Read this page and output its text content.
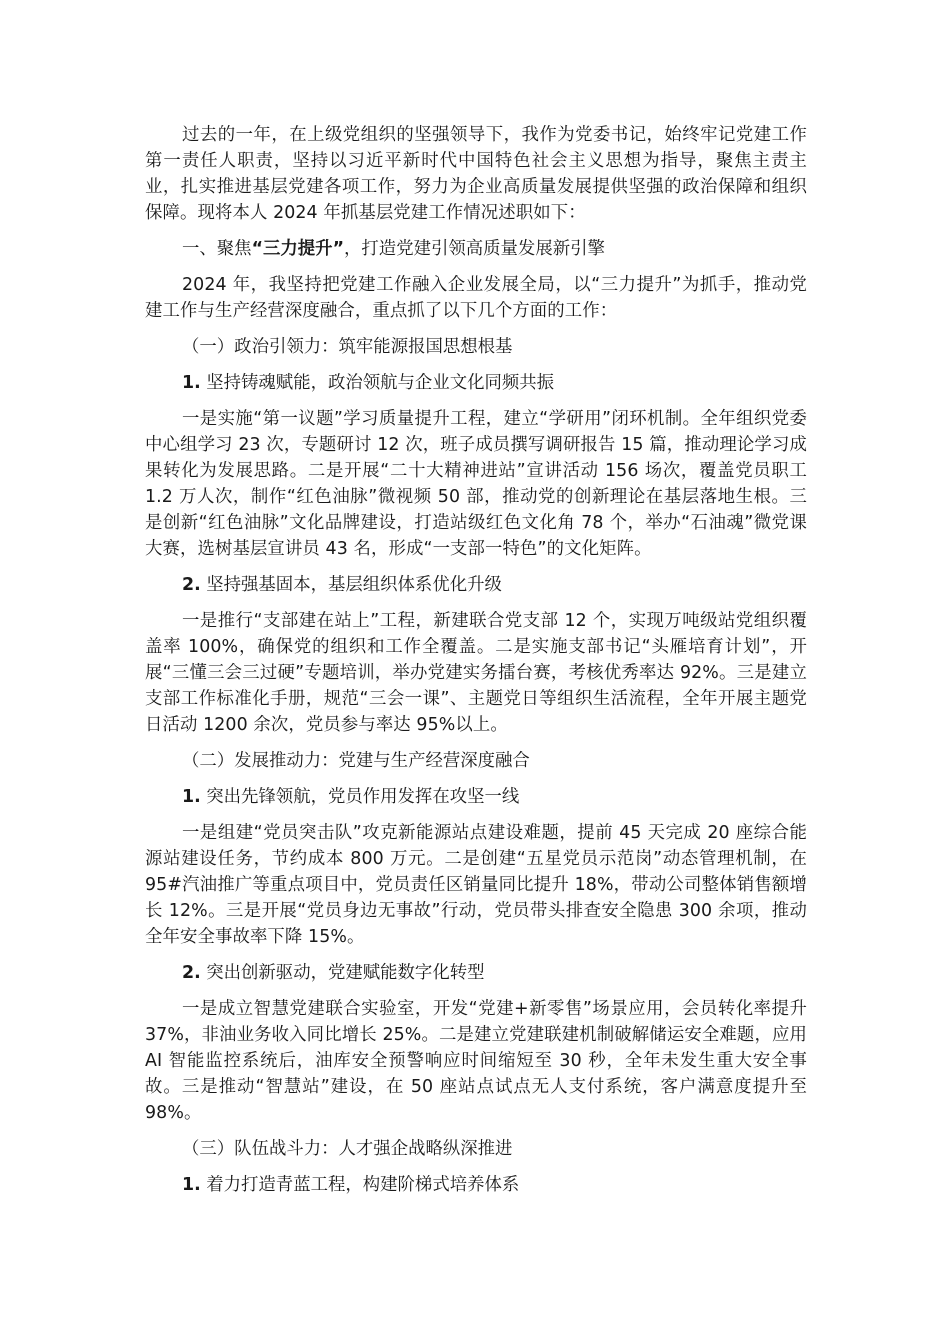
过去的一年，在上级党组织的坚强领导下，我作为党委书记，始终牢记党建工作第一责任人职责，坚持以习近平新时代中国特色社会主义思想为指导，聚焦主责主业，扎实推进基层党建各项工作，努力为企业高质量发展提供坚强的政治保障和组织保障。现将本人 2024 年抓基层党建工作情况述职如下：

一、聚焦“三力提升”，打造党建引领高质量发展新引擎

2024 年，我坚持把党建工作融入企业发展全局，以“三力提升”为抓手，推动党建工作与生产经营深度融合，重点抓了以下几个方面的工作：

（一）政治引领力：筑牢能源报国思想根基

1. 坚持铸魂赋能，政治领航与企业文化同频共振

一是实施“第一议题”学习质量提升工程，建立“学研用”闭环机制。全年组织党委中心组学习 23 次，专题研讨 12 次，班子成员撰写调研报告 15 篇，推动理论学习成果转化为发展思路。二是开展“二十大精神进站”宣讲活动 156 场次，覆盖党员职工 1.2 万人次，制作“红色油脉”微视频 50 部，推动党的创新理论在基层落地生根。三是创新“红色油脉”文化品牌建设，打造站级红色文化角 78 个，举办“石油魂”微党课大赛，选树基层宣讲员 43 名，形成“一支部一特色”的文化矩阵。

2. 坚持强基固本，基层组织体系优化升级

一是推行“支部建在站上”工程，新建联合党支部 12 个，实现万吨级站党组织覆盖率 100%，确保党的组织和工作全覆盖。二是实施支部书记“头雁培育计划”，开展“三懂三会三过硬”专题培训，举办党建实务擂台赛，考核优秀率达 92%。三是建立支部工作标准化手册，规范“三会一课”、主题党日等组织生活流程，全年开展主题党日活动 1200 余次，党员参与率达 95%以上。

（二）发展推动力：党建与生产经营深度融合

1. 突出先锋领航，党员作用发挥在攻坚一线

一是组建“党员突击队”攻克新能源站点建设难题，提前 45 天完成 20 座综合能源站建设任务，节约成本 800 万元。二是创建“五星党员示范岗”动态管理机制，在 95#汽油推广等重点项目中，党员责任区销量同比提升 18%，带动公司整体销售额增长 12%。三是开展“党员身边无事故”行动，党员带头排查安全隐患 300 余项，推动全年安全事故率下降 15%。

2. 突出创新驱动，党建赋能数字化转型

一是成立智慧党建联合实验室，开发“党建+新零售”场景应用，会员转化率提升 37%，非油业务收入同比增长 25%。二是建立党建联建机制破解储运安全难题，应用 AI 智能监控系统后，油库安全预警响应时间缩短至 30 秒，全年未发生重大安全事故。三是推动“智慧站”建设，在 50 座站点试点无人支付系统，客户满意度提升至 98%。

（三）队伍战斗力：人才强企战略纵深推进

1. 着力打造青蓝工程，构建阶梯式培养体系
